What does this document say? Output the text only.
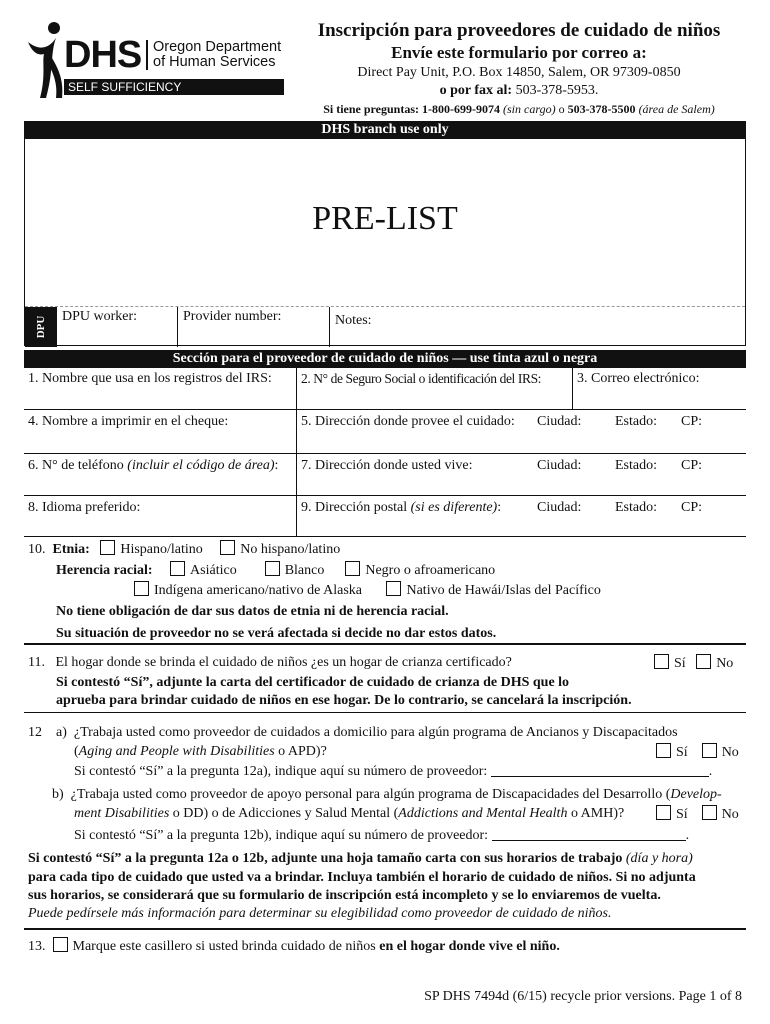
DHS Oregon Department
of Human Services
SELF SUFFICIENCY
Inscripción para proveedores de cuidado de niños
Envíe este formulario por correo a:
Direct Pay Unit, P.O. Box 14850, Salem, OR 97309-0850
o por fax al: 503-378-5953.
Si tiene preguntas: 1-800-699-9074 (sin cargo) o 503-378-5500 (área de Salem)
DHS branch use only
PRE-LIST
DPU	DPU worker:	Provider number:	Notes:
Sección para el proveedor de cuidado de niños — use tinta azul o negra
1. Nombre que usa en los registros del IRS:	2. N° de Seguro Social o identificación del IRS:	3. Correo electrónico:
4. Nombre a imprimir en el cheque:	5. Dirección donde provee el cuidado: Ciudad: Estado: CP:
6. N° de teléfono (incluir el código de área):	7. Dirección donde usted vive:	Ciudad: Estado: CP:
8. Idioma preferido:	9. Dirección postal (si es diferente):	Ciudad: Estado: CP:
10. Etnia: Hispano/latino	No hispano/latino
Herencia racial:	Asiático	Blanco	Negro o afroamericano
Indígena americano/nativo de Alaska	Nativo de Hawái/Islas del Pacífico
No tiene obligación de dar sus datos de etnia ni de herencia racial.
Su situación de proveedor no se verá afectada si decide no dar estos datos.
11. El hogar donde se brinda el cuidado de niños ¿es un hogar de crianza certificado?	Sí No
Si contestó “Sí”, adjunte la carta del certificador de cuidado de crianza de DHS que lo
aprueba para brindar cuidado de niños en ese hogar. De lo contrario, se cancelará la inscripción.
12 a) ¿Trabaja usted como proveedor de cuidados a domicilio para algún programa de Ancianos y Discapacitados
(Aging and People with Disabilities o APD)?	Sí No
Si contestó “Sí” a la pregunta 12a), indique aquí su número de proveedor:	.
b) ¿Trabaja usted como proveedor de apoyo personal para algún programa de Discapacidades del Desarrollo (Develop-
ment Disabilities o DD) o de Adicciones y Salud Mental (Addictions and Mental Health o AMH)?	Sí No
Si contestó “Sí” a la pregunta 12b), indique aquí su número de proveedor:	.
Si contestó “Sí” a la pregunta 12a o 12b, adjunte una hoja tamaño carta con sus horarios de trabajo (día y hora)
para cada tipo de cuidado que usted va a brindar. Incluya también el horario de cuidado de niños. Si no adjunta
sus horarios, se considerará que su formulario de inscripción está incompleto y se lo enviaremos de vuelta.
Puede pedírsele más información para determinar su elegibilidad como proveedor de cuidado de niños.
13. Marque este casillero si usted brinda cuidado de niños en el hogar donde vive el niño.
SP DHS 7494d (6/15) recycle prior versions. Page 1 of 8
